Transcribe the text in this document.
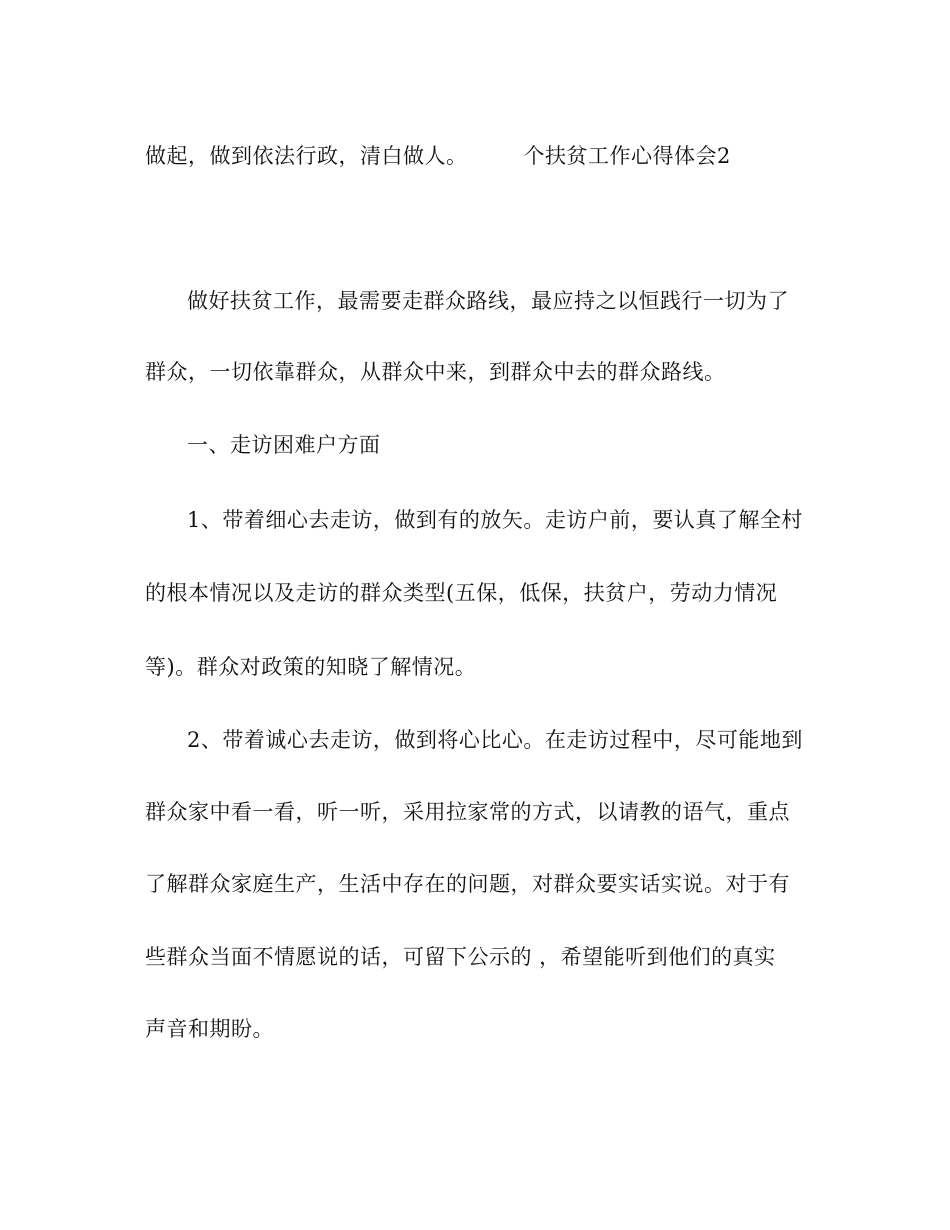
做起，做到依法行政，清白做人。	个扶贫工作心得体会2
做好扶贫工作，最需要走群众路线，最应持之以恒践行一切为了
群众，一切依靠群众，从群众中来，到群众中去的群众路线。
一、走访困难户方面
1、带着细心去走访，做到有的放矢。走访户前，要认真了解全村
的根本情况以及走访的群众类型(五保，低保，扶贫户，劳动力情况
等)。群众对政策的知晓了解情况。
2、带着诚心去走访，做到将心比心。在走访过程中，尽可能地到
群众家中看一看，听一听，采用拉家常的方式，以请教的语气，重点
了解群众家庭生产，生活中存在的问题，对群众要实话实说。对于有
些群众当面不情愿说的话，可留下公示的 ，希望能听到他们的真实
声音和期盼。
